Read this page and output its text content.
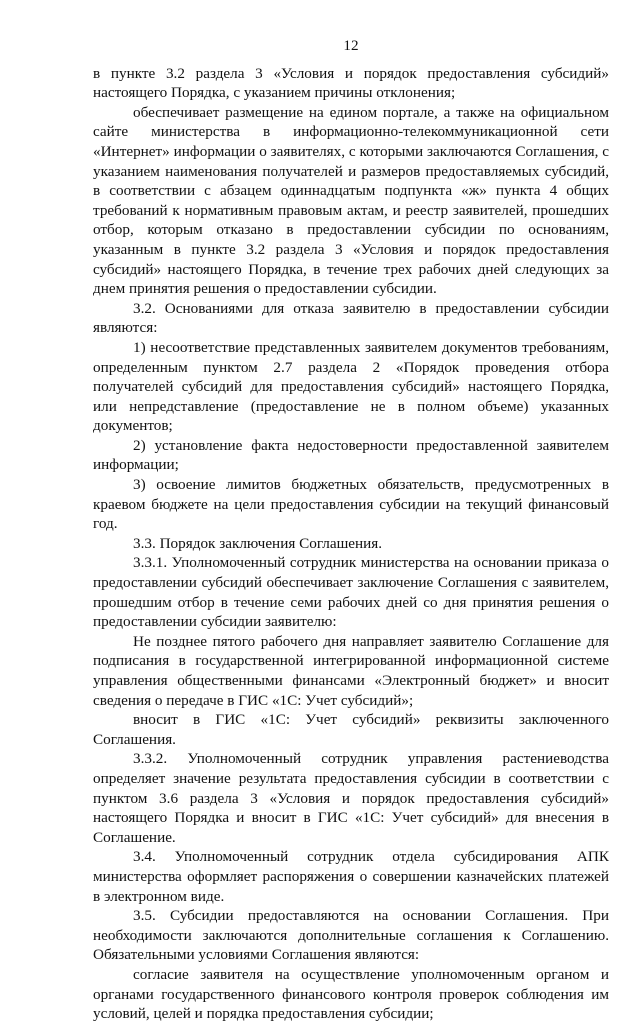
12

в пункте 3.2 раздела 3 «Условия и порядок предоставления субсидий» настоящего Порядка, с указанием причины отклонения;

обеспечивает размещение на едином портале, а также на официальном сайте министерства в информационно-телекоммуникационной сети «Интернет» информации о заявителях, с которыми заключаются Соглашения, с указанием наименования получателей и размеров предоставляемых субсидий, в соответствии с абзацем одиннадцатым подпункта «ж» пункта 4 общих требований к нормативным правовым актам, и реестр заявителей, прошедших отбор, которым отказано в предоставлении субсидии по основаниям, указанным в пункте 3.2 раздела 3 «Условия и порядок предоставления субсидий» настоящего Порядка, в течение трех рабочих дней следующих за днем принятия решения о предоставлении субсидии.

3.2. Основаниями для отказа заявителю в предоставлении субсидии являются:

1) несоответствие представленных заявителем документов требованиям, определенным пунктом 2.7 раздела 2 «Порядок проведения отбора получателей субсидий для предоставления субсидий» настоящего Порядка, или непредставление (предоставление не в полном объеме) указанных документов;

2) установление факта недостоверности предоставленной заявителем информации;

3) освоение лимитов бюджетных обязательств, предусмотренных в краевом бюджете на цели предоставления субсидии на текущий финансовый год.

3.3. Порядок заключения Соглашения.

3.3.1. Уполномоченный сотрудник министерства на основании приказа о предоставлении субсидий обеспечивает заключение Соглашения с заявителем, прошедшим отбор в течение семи рабочих дней со дня принятия решения о предоставлении субсидии заявителю:

Не позднее пятого рабочего дня направляет заявителю Соглашение для подписания в государственной интегрированной информационной системе управления общественными финансами «Электронный бюджет» и вносит сведения о передаче в ГИС «1С: Учет субсидий»;

вносит в ГИС «1С: Учет субсидий» реквизиты заключенного Соглашения.

3.3.2. Уполномоченный сотрудник управления растениеводства определяет значение результата предоставления субсидии в соответствии с пунктом 3.6 раздела 3 «Условия и порядок предоставления субсидий» настоящего Порядка и вносит в ГИС «1С: Учет субсидий» для внесения в Соглашение.

3.4. Уполномоченный сотрудник отдела субсидирования АПК министерства оформляет распоряжения о совершении казначейских платежей в электронном виде.

3.5. Субсидии предоставляются на основании Соглашения. При необходимости заключаются дополнительные соглашения к Соглашению. Обязательными условиями Соглашения являются:

согласие заявителя на осуществление уполномоченным органом и органами государственного финансового контроля проверок соблюдения им условий, целей и порядка предоставления субсидии;
